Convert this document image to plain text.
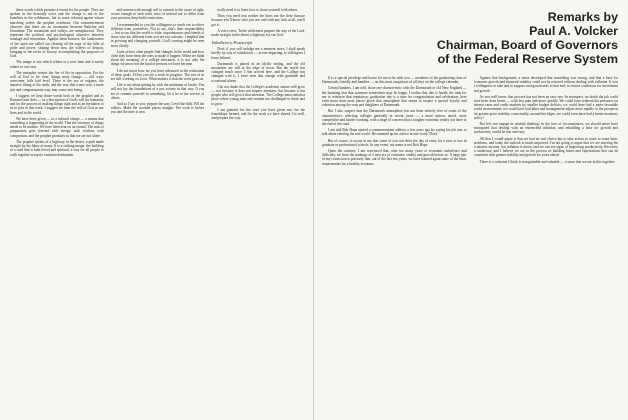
these words which promise a return for his people. They are spoken in the heavenly voice and the charge is not to the Israelites in the wilderness, but to some celestial agents whose marching orders the prophet overhears. Our commencement observes that there are no mountains between Babylon and Jerusalem. The mountains and valleys are metaphorical. They represent the political and psychological obstacles between bondage and restoration. Against these barriers, the landowners of the spirit are called out clearing all the rope of the hills of pride and power, sloping down now the valleys of despair, bringing to the rocks of history, accomplishing the purposes of God.

The image is one which relates to a new time and it surely relates to our own.

The metaphor retains the fire of life in opposition. For the will of God to be clear, things must change — old ways overcome, hills laid level. There is the use of engines, the massive lifting of the earth, and the way that a new way, a more just and compassionate way, may come into being.

I suggest we hear those words both as the prophet and as Roman Israel does — as a description of God's will for humanity and for the process of making things right and as an invitation to us to join in this work. I suggest we hear the will of God in our lives and in the world.

We have been given — in a cultural charge — a means that something is happening in the world. That the structure of things needs to be undone. We have been sent on an errand. The task of preparation goes forward with energy, with wisdom, with compassion, and the prophet promises us that we are not alone.

The prophet speaks of a highway in the desert, a path made straight by the labor of many. It is a striking image: the building of a road that is both literal and spiritual, a way for all people to walk together toward a common destination.

and women with enough self to commit to the cause of right, secure enough to seek truth, trust of instead not to differ from your precious deep-held convictions.

I recommended to you the willingness to reach out to others different from yourselves. Not to say, that's their responsibility — but to say that the world is wide, acquaintances and friends of those who are different from you are not outcasts. I implied that in growing and changing yourself, God's coming might be seen more clearly.

Look at how often people find changes in the world and how often they have been the ones to make it happen. When we think about the meaning of a college education, it is not only the things we know but the kind of persons we have become.

I do not know how far you have advanced in the realization of these goals. I'd bet you are a work in progress. The rest of us are still working on it too. What matters is that the work goes on.

Life is not about getting by with the minimum of hassle. You will not lay the foundations of a just society in that way. If you are to commit yourself to something, let it be to the service of others.

And so I say to you: prepare the way. Level the hills. Fill the valleys. Make the crooked places straight. The work is before you and the time is now.

really need is to learn how to share yourself with others.

Then you need fear neither the lions nor the fiery furnace because you'll know who you are, and with any luck at all, you'll get it.

A voice cries, 'In the wilderness prepare the way of the Lord, make straight in the desert a highway for our God.'

Valedictory Postscript

Now, if you will indulge me a moment more, I shall speak briefly by way of valediction — as one departing, to colleagues I leave behind.

Dartmouth is placed in an idyllic setting, and the old mountains are still at the edge of town. But the world has changed much since I first arrived here, and the College has changed with it. I have seen that change with gratitude and occasional alarm.

I do not doubt that the College's academic stature will grow — not because it does not require attention, but because it has people who will give it that attention. The College must remain a place where young men and women are challenged to think and to grow.

I am grateful for the trust you have given me, for the friendships formed, and for the work we have shared. Go well, and prepare the way.

Remarks by
Paul A. Volcker
Chairman, Board of Governors
of the Federal Reserve System

It is a special privilege and honor for me to be with you — members of the graduating class of Dartmouth, friendly and families — on this most auspicious of all days on the college calendar.

Central bankers, I am told, share one characteristic with the Dartmouth of old New England — the haunting fear that someone somewhere may be happy. I realize that this is hardly the time for me to reinforce that reputation; graduation day is a time for congratulation and celebration, here even more than most places given that atmosphere that seems to inspire a special loyalty and cohesion among the sons and daughters of Dartmouth.

But I also suspect that the Dartmouth atmosphere has not been entirely free of some of the characteristics affecting colleges generally in recent years — a more serious mood, more competitive and harder working, with a tinge of concern that a tougher economic reality out there at the end of the road.

I am told Bob Hope started a commencement address a few years ago by saying his job was to talk about entering the real world. He summed up his advice in one word: 'Don't.'

But of course, it occurs to me that some of you can defer the day of entry for a year or two in graduate or professional schools. In any event, my name is not Bob Hope.

Quite the contrary, I am convinced that, after too many years of economic turbulence and difficulty, we have the makings of a new era of economic vitality and growth before us. A large part of my conviction is precisely that, out of the last few years, we have learned again some of the basic requirements for a healthy economy.

Against that background, a sense developed that something was wrong, and that a base for economic growth and financial stability could not be restored without dealing with inflation. It was a willingness to take and to support strong measures to that end, to restore conditions for investment and growth.

As you well know, that process has not been an easy one. In retrospect, no doubt the job could have been done better — with less pain and more quickly. We could have reduced the pressures on interest rates and credit markets by smaller budget deficits; we could have had a more favorable world environment; we could have had labor and management adjust more rapidly to the prospects for greater price stability; conceivably, around the edges, we could even have had a better monetary policy!

But let's not engage in wishful thinking; in the face of circumstances, we should never have anticipated that dealing with an entrenched inflation, and rebuilding a base for growth and productivity would be fast and easy.

All that I would argue is that we had no real choice but to take action to come to some basic problems, and today the outlook is much improved. I'm not going to argue that we are entering the economic nirvana, but inflation is down, and we can see signs of improving productivity. Recovery is underway, and I believe we are in the process of building bases and expectations that can be consistent with greater stability and growth for years ahead.

There is a cohesion I think is recognizable and valuable — a sense that we are in this together.
